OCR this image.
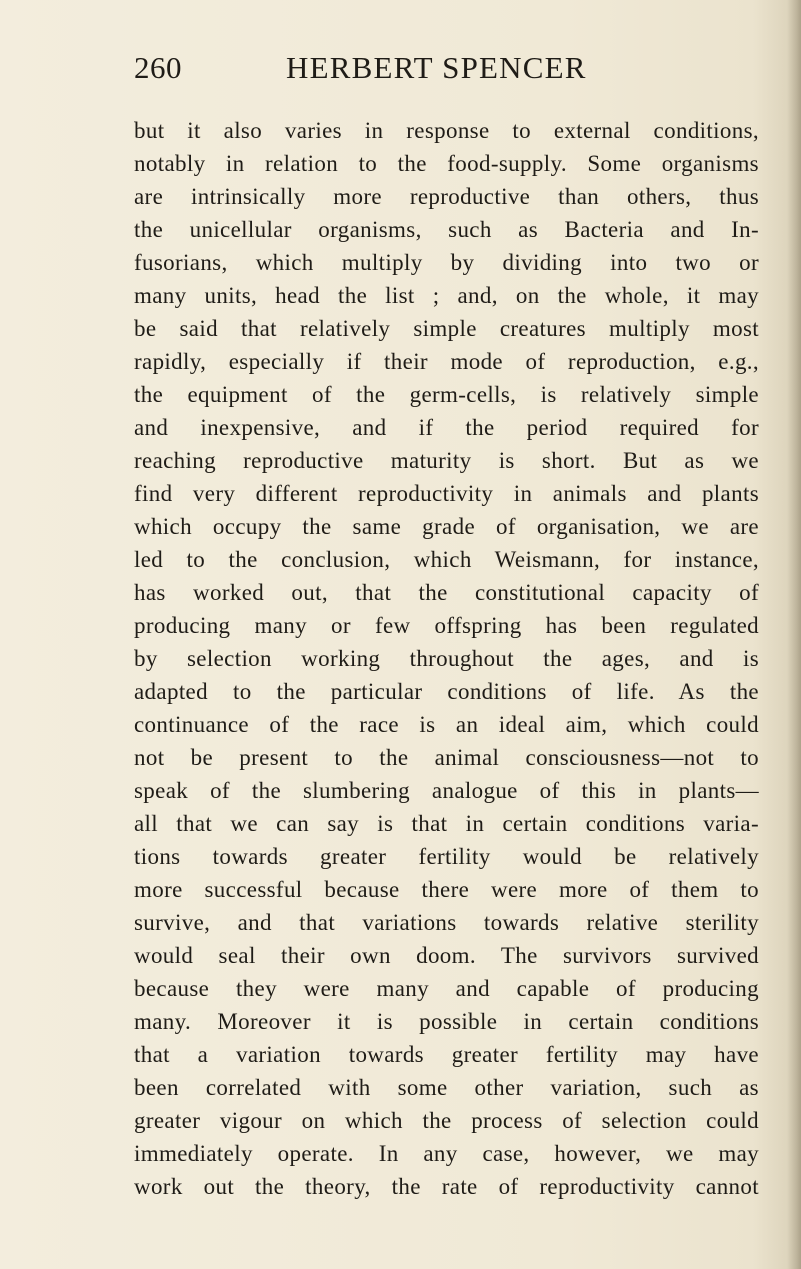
260	HERBERT SPENCER
but it also varies in response to external conditions,
notably in relation to the food-supply. Some organisms
are intrinsically more reproductive than others, thus
the unicellular organisms, such as Bacteria and In-
fusorians, which multiply by dividing into two or
many units, head the list ; and, on the whole, it may
be said that relatively simple creatures multiply most
rapidly, especially if their mode of reproduction, e.g.,
the equipment of the germ-cells, is relatively simple
and inexpensive, and if the period required for
reaching reproductive maturity is short. But as we
find very different reproductivity in animals and plants
which occupy the same grade of organisation, we are
led to the conclusion, which Weismann, for instance,
has worked out, that the constitutional capacity of
producing many or few offspring has been regulated
by selection working throughout the ages, and is
adapted to the particular conditions of life. As the
continuance of the race is an ideal aim, which could
not be present to the animal consciousness—not to
speak of the slumbering analogue of this in plants—
all that we can say is that in certain conditions varia-
tions towards greater fertility would be relatively
more successful because there were more of them to
survive, and that variations towards relative sterility
would seal their own doom. The survivors survived
because they were many and capable of producing
many. Moreover it is possible in certain conditions
that a variation towards greater fertility may have
been correlated with some other variation, such as
greater vigour on which the process of selection could
immediately operate. In any case, however, we may
work out the theory, the rate of reproductivity cannot
